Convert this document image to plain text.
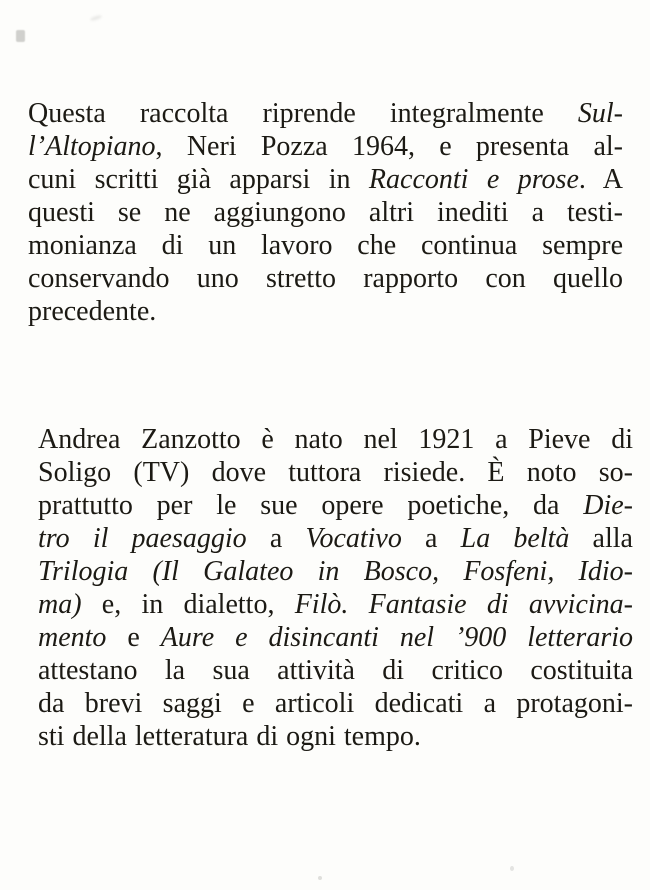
Questa raccolta riprende integralmente Sul-
l’Altopiano, Neri Pozza 1964, e presenta al-
cuni scritti già apparsi in Racconti e prose. A
questi se ne aggiungono altri inediti a testi-
monianza di un lavoro che continua sempre
conservando uno stretto rapporto con quello
precedente.
Andrea Zanzotto è nato nel 1921 a Pieve di
Soligo (TV) dove tuttora risiede. È noto so-
prattutto per le sue opere poetiche, da Die-
tro il paesaggio a Vocativo a La beltà alla
Trilogia (Il Galateo in Bosco, Fosfeni, Idio-
ma) e, in dialetto, Filò. Fantasie di avvicina-
mento e Aure e disincanti nel ’900 letterario
attestano la sua attività di critico costituita
da brevi saggi e articoli dedicati a protagoni-
sti della letteratura di ogni tempo.
